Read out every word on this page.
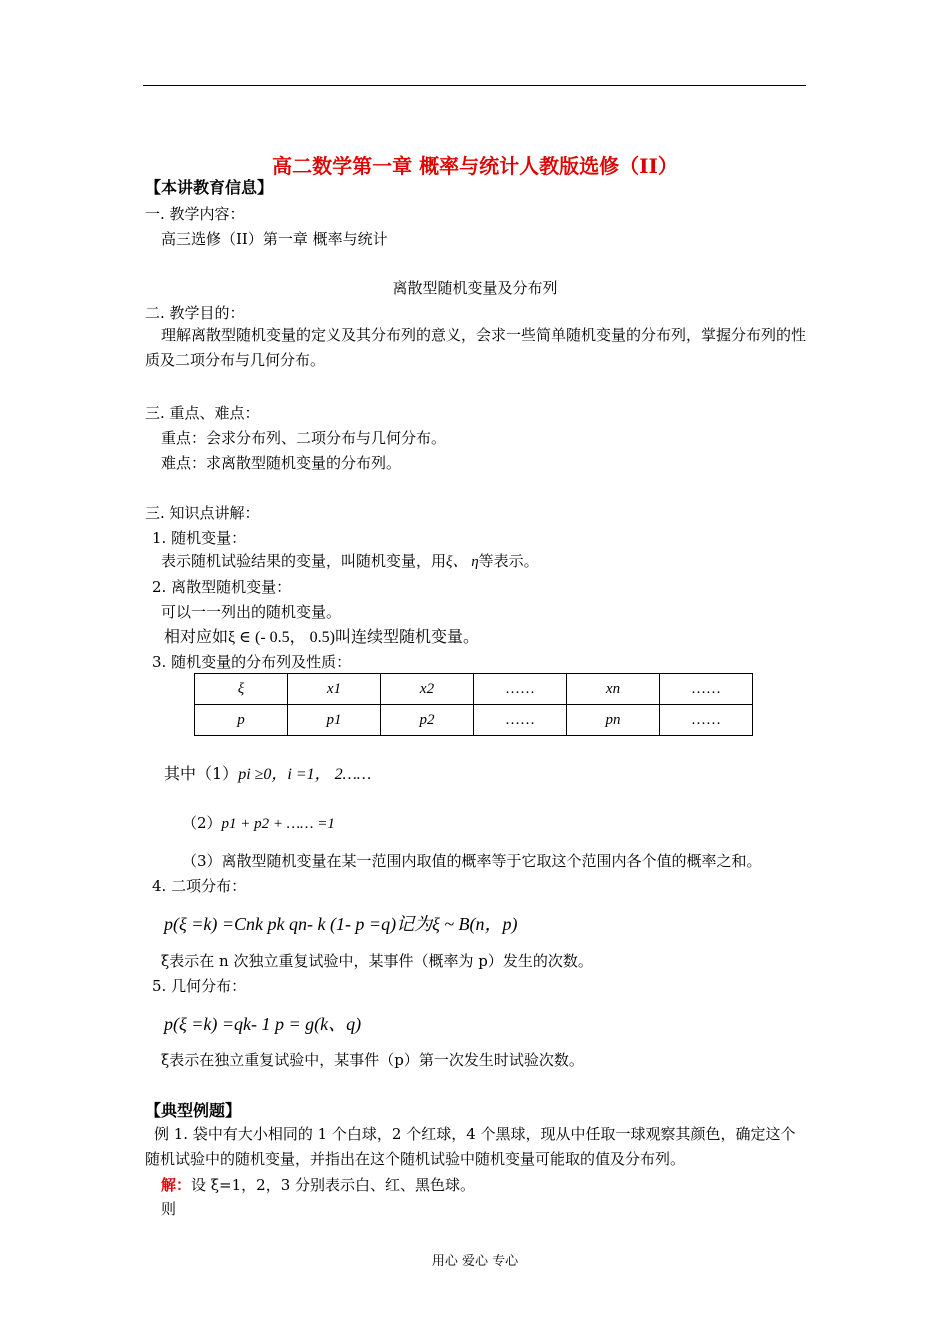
高二数学第一章 概率与统计人教版选修（II）
【本讲教育信息】
一. 教学内容：
高三选修（II）第一章 概率与统计
离散型随机变量及分布列
二. 教学目的：
理解离散型随机变量的定义及其分布列的意义，会求一些简单随机变量的分布列，掌握分布列的性质及二项分布与几何分布。
三. 重点、难点：
重点：会求分布列、二项分布与几何分布。
难点：求离散型随机变量的分布列。
三. 知识点讲解：
1. 随机变量：
表示随机试验结果的变量，叫随机变量，用ξ、 η等表示。
2. 离散型随机变量：
可以一一列出的随机变量。
相对应如ξ ∈ (- 0.5， 0.5)叫连续型随机变量。
3. 随机变量的分布列及性质：
ξ	x1	x2	……	xn	……
p	p1	p2	……	pn	……
其中（1）pi ≥0，i =1， 2……
（2）p1 + p2 + …… =1
（3）离散型随机变量在某一范围内取值的概率等于它取这个范围内各个值的概率之和。
4. 二项分布：
p(ξ =k) =Cnk pk qn- k (1- p =q)记为ξ ~ B(n，p)
ξ表示在 n 次独立重复试验中，某事件（概率为 p）发生的次数。
5. 几何分布：
p(ξ =k) =qk- 1 p = g(k、q)
ξ表示在独立重复试验中，某事件（p）第一次发生时试验次数。
【典型例题】
例 1. 袋中有大小相同的 1 个白球，2 个红球，4 个黑球，现从中任取一球观察其颜色，确定这个随机试验中的随机变量，并指出在这个随机试验中随机变量可能取的值及分布列。
解：设 ξ=1，2，3 分别表示白、红、黑色球。
则
用心 爱心 专心
